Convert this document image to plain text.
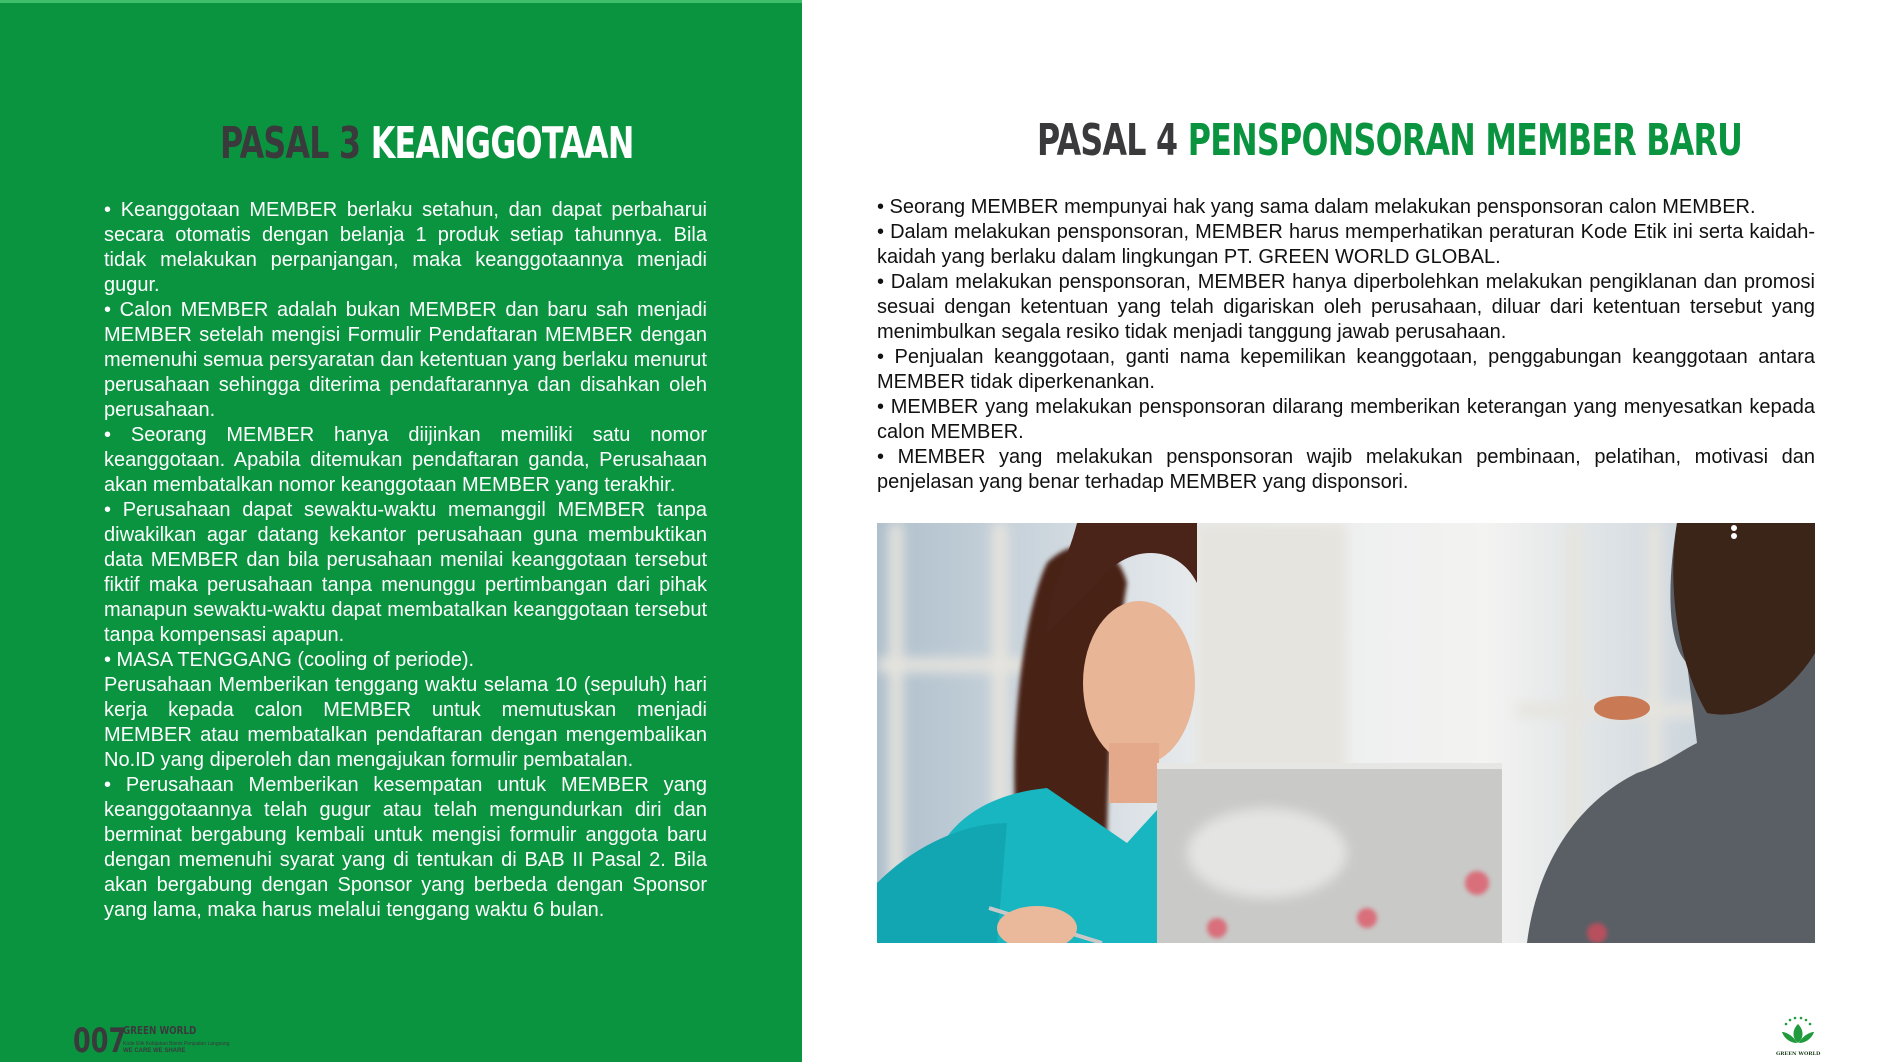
PASAL 3 KEANGGOTAAN

• Keanggotaan MEMBER berlaku setahun, dan dapat perbaharui secara otomatis dengan belanja 1 produk setiap tahunnya. Bila tidak melakukan perpanjangan, maka keanggotaannya menjadi gugur.

• Calon MEMBER adalah bukan MEMBER dan baru sah menjadi MEMBER setelah mengisi Formulir Pendaftaran MEMBER dengan memenuhi semua persyaratan dan ketentuan yang berlaku menurut perusahaan sehingga diterima pendaftarannya dan disahkan oleh perusahaan.

• Seorang MEMBER hanya diijinkan memiliki satu nomor keanggotaan. Apabila ditemukan pendaftaran ganda, Perusahaan akan membatalkan nomor keanggotaan MEMBER yang terakhir.

• Perusahaan dapat sewaktu-waktu memanggil MEMBER tanpa diwakilkan agar datang kekantor perusahaan guna membuktikan data MEMBER dan bila perusahaan menilai keanggotaan tersebut fiktif maka perusahaan tanpa menunggu pertimbangan dari pihak manapun sewaktu-waktu dapat membatalkan keanggotaan tersebut tanpa kompensasi apapun.

• MASA TENGGANG (cooling of periode).

Perusahaan Memberikan tenggang waktu selama 10 (sepuluh) hari kerja kepada calon MEMBER untuk memutuskan menjadi MEMBER atau membatalkan pendaftaran dengan mengembalikan No.ID yang diperoleh dan mengajukan formulir pembatalan.

• Perusahaan Memberikan kesempatan untuk MEMBER yang keanggotaannya telah gugur atau telah mengundurkan diri dan berminat bergabung kembali untuk mengisi formulir anggota baru dengan memenuhi syarat yang di tentukan di BAB II Pasal 2. Bila akan bergabung dengan Sponsor yang berbeda dengan Sponsor yang lama, maka harus melalui tenggang waktu 6 bulan.

007
GREEN WORLD
Kode Etik Kebijakan Bisnis Penjualan Langsung
WE CARE WE SHARE
PASAL 4 PENSPONSORAN MEMBER BARU

• Seorang MEMBER mempunyai hak yang sama dalam melakukan pensponsoran calon MEMBER.

• Dalam melakukan pensponsoran, MEMBER harus memperhatikan peraturan Kode Etik ini serta kaidah-kaidah yang berlaku dalam lingkungan PT. GREEN WORLD GLOBAL.

• Dalam melakukan pensponsoran, MEMBER hanya diperbolehkan melakukan pengiklanan dan promosi sesuai dengan ketentuan yang telah digariskan oleh perusahaan, diluar dari ketentuan tersebut yang menimbulkan segala resiko tidak menjadi tanggung jawab perusahaan.

• Penjualan keanggotaan, ganti nama kepemilikan keanggotaan, penggabungan keanggotaan antara MEMBER tidak diperkenankan.

• MEMBER yang melakukan pensponsoran dilarang memberikan keterangan yang menyesatkan kepada calon MEMBER.

• MEMBER yang melakukan pensponsoran wajib melakukan pembinaan, pelatihan, motivasi dan penjelasan yang benar terhadap MEMBER yang disponsori.

GREEN WORLD
